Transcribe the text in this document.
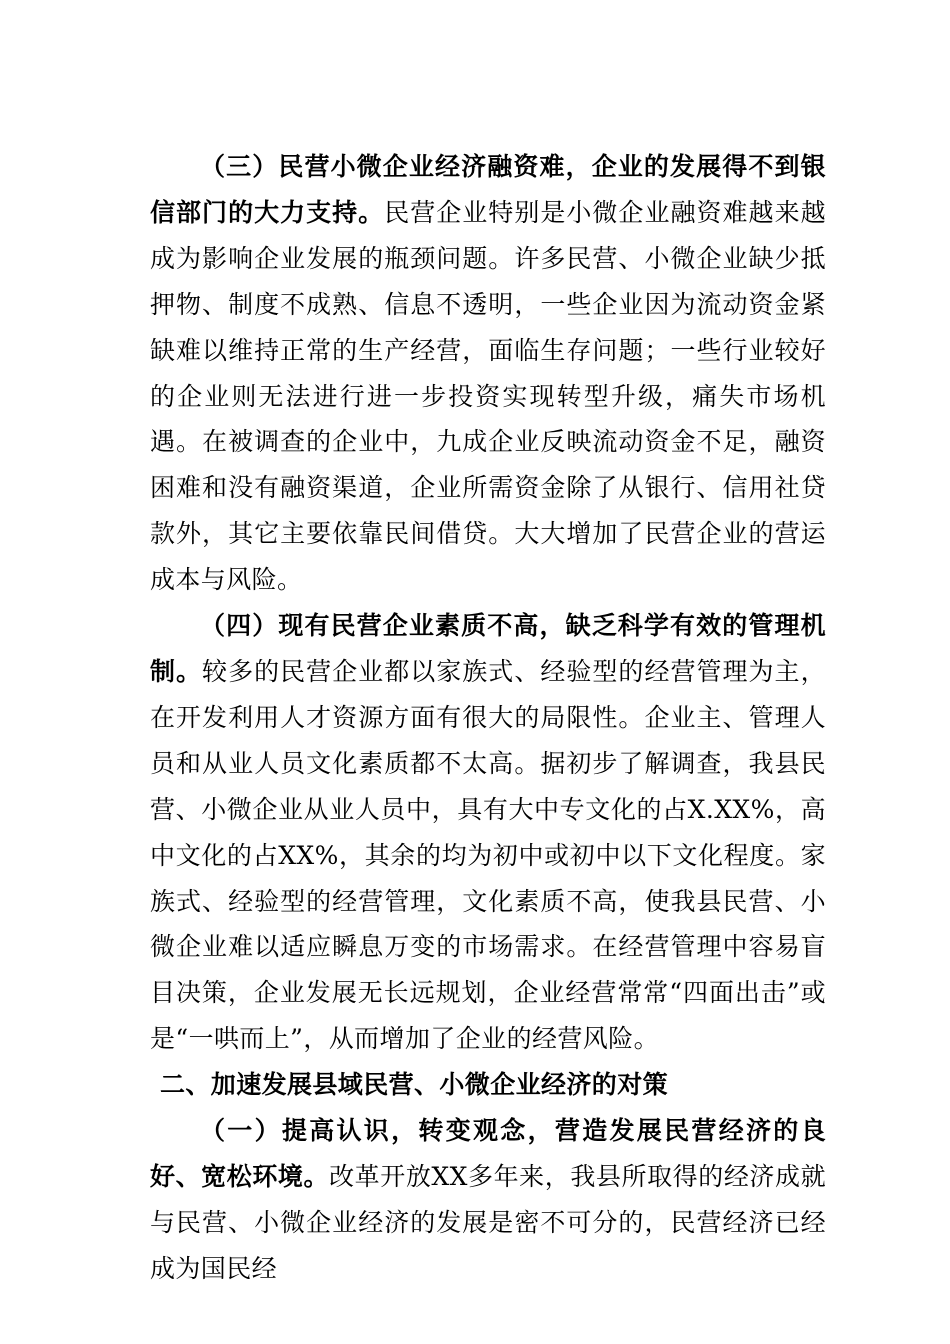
（三）民营小微企业经济融资难，企业的发展得不到银信部门的大力支持。民营企业特别是小微企业融资难越来越成为影响企业发展的瓶颈问题。许多民营、小微企业缺少抵押物、制度不成熟、信息不透明，一些企业因为流动资金紧缺难以维持正常的生产经营，面临生存问题；一些行业较好的企业则无法进行进一步投资实现转型升级，痛失市场机遇。在被调查的企业中，九成企业反映流动资金不足，融资困难和没有融资渠道，企业所需资金除了从银行、信用社贷款外，其它主要依靠民间借贷。大大增加了民营企业的营运成本与风险。

（四）现有民营企业素质不高，缺乏科学有效的管理机制。较多的民营企业都以家族式、经验型的经营管理为主，在开发利用人才资源方面有很大的局限性。企业主、管理人员和从业人员文化素质都不太高。据初步了解调查，我县民营、小微企业从业人员中，具有大中专文化的占X.XX%，高中文化的占XX%，其余的均为初中或初中以下文化程度。家族式、经验型的经营管理，文化素质不高，使我县民营、小微企业难以适应瞬息万变的市场需求。在经营管理中容易盲目决策，企业发展无长远规划，企业经营常常“四面出击”或是“一哄而上”，从而增加了企业的经营风险。

二、加速发展县域民营、小微企业经济的对策

（一）提高认识，转变观念，营造发展民营经济的良好、宽松环境。改革开放XX多年来，我县所取得的经济成就与民营、小微企业经济的发展是密不可分的，民营经济已经成为国民经
